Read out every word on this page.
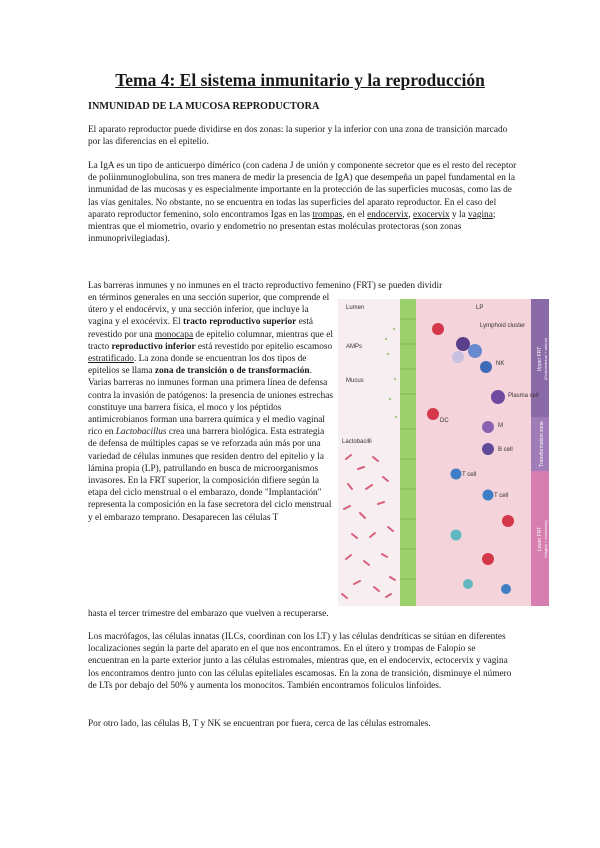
Tema 4: El sistema inmunitario y la reproducción
INMUNIDAD DE LA MUCOSA REPRODUCTORA

El aparato reproductor puede dividirse en dos zonas: la superior y la inferior con una zona de transición marcado por las diferencias en el epitelio.

La IgA es un tipo de anticuerpo dimérico (con cadena J de unión y componente secretor que es el resto del receptor de poliinmunoglobulina, son tres manera de medir la presencia de IgA) que desempeña un papel fundamental en la inmunidad de las mucosas y es especialmente importante en la protección de las superficies mucosas, como las de las vías genitales. No obstante, no se encuentra en todas las superficies del aparato reproductor. En el caso del aparato reproductor femenino, solo encontramos Igas en las trompas, en el endocervix, exocervix y la vagina; mientras que el miometrio, ovario y endometrio no presentan estas moléculas protectoras (son zonas inmunoprivilegiadas).

Las barreras inmunes y no inmunes en el tracto reproductivo femenino (FRT) se pueden dividir

en términos generales en una sección superior, que comprende el útero y el endocérvix, y una sección inferior, que incluye la vagina y el exocérvix. El tracto reproductivo superior está revestido por una monocapa de epitelio columnar, mientras que el tracto reproductivo inferior está revestido por epitelio escamoso estratificado. La zona donde se encuentran los dos tipos de epitelios se llama zona de transición o de transformación. Varias barreras no inmunes forman una primera línea de defensa contra la invasión de patógenos: la presencia de uniones estrechas constituye una barrera física, el moco y los péptidos antimicrobianos forman una barrera química y el medio vaginal rico en Lactobacillus crea una barrera biológica. Esta estrategia de defensa de múltiples capas se ve reforzada aún más por una variedad de células inmunes que residen dentro del epitelio y la lámina propia (LP), patrullando en busca de microorganismos invasores. En la FRT superior, la composición difiere según la etapa del ciclo menstrual o el embarazo, donde "Implantación" representa la composición en la fase secretora del ciclo menstrual y el embarazo temprano. Desaparecen las células T

hasta el tercer trimestre del embarazo que vuelven a recuperarse.

Los macrófagos, las células innatas (ILCs, coordinan con los LT) y las células dendríticas se sitúan en diferentes localizaciones según la parte del aparato en el que nos encontramos. En el útero y trompas de Falopio se encuentran en la parte exterior junto a las células estromales, mientras que, en el endocervix, ectocervix y vagina los encontramos dentro junto con las células epiteliales escamosas. En la zona de transición, disminuye el número de LTs por debajo del 50% y aumenta los monocitos. También encontramos folículos linfoides.

Por otro lado, las células B, T y NK se encuentran por fuera, cerca de las células estromales.

Lumen	LP
Lymphoid cluster
NK
AMPs
Mucus
Plasma cell
DC
M
B cell
Lactobacilli
T cell
T cell
Upper FRT (Endometrium + uterus)
Transformation zone
Lower FRT (Vagina + ectocervix)
